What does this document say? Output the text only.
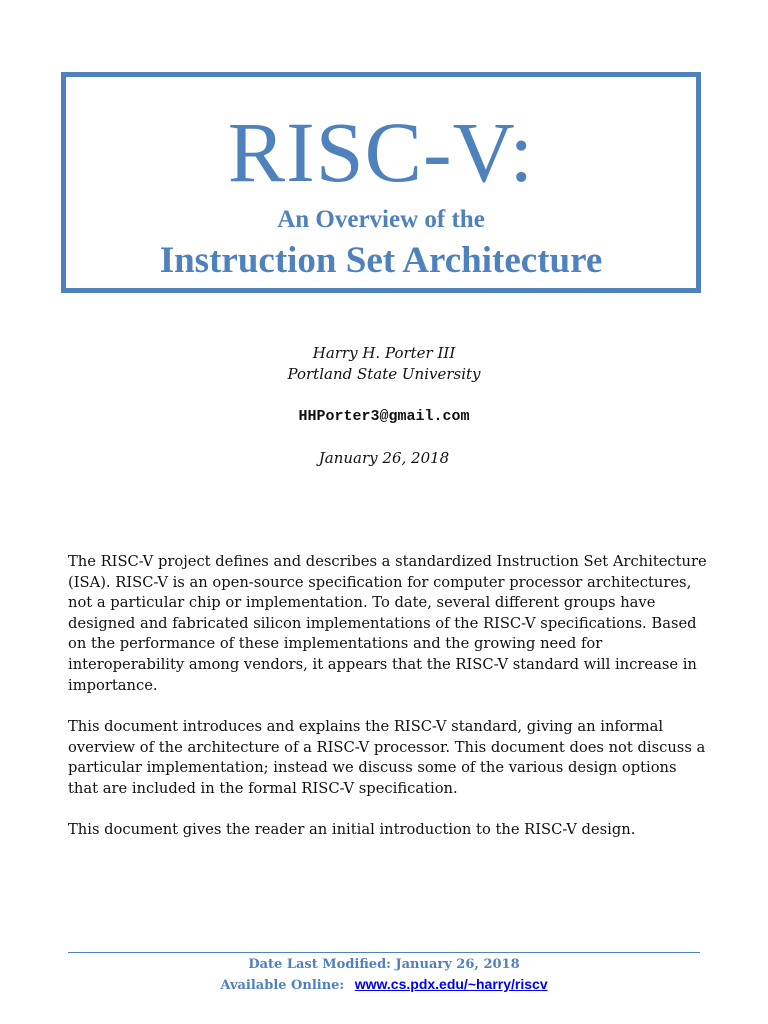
RISC-V:
An Overview of the
Instruction Set Architecture
Harry H. Porter III
Portland State University
HHPorter3@gmail.com
January 26, 2018

The RISC-V project defines and describes a standardized Instruction Set Architecture (ISA). RISC-V is an open-source specification for computer processor architectures, not a particular chip or implementation. To date, several different groups have designed and fabricated silicon implementations of the RISC-V specifications. Based on the performance of these implementations and the growing need for interoperability among vendors, it appears that the RISC-V standard will increase in importance.

This document introduces and explains the RISC-V standard, giving an informal overview of the architecture of a RISC-V processor. This document does not discuss a particular implementation; instead we discuss some of the various design options that are included in the formal RISC-V specification.

This document gives the reader an initial introduction to the RISC-V design.

Date Last Modified: January 26, 2018
Available Online: www.cs.pdx.edu/~harry/riscv
